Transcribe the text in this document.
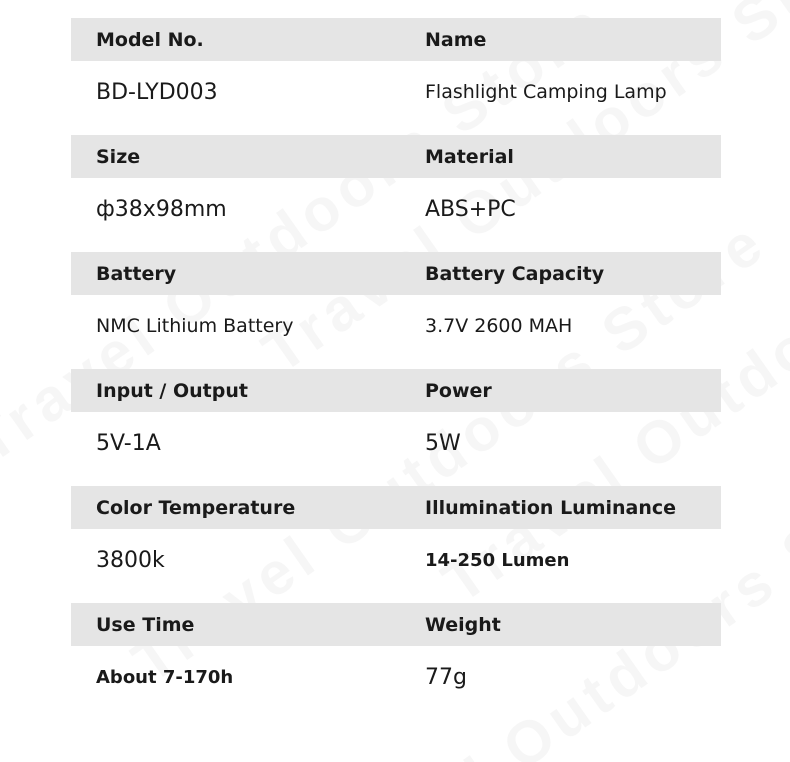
Model No.	Name
BD-LYD003	Flashlight Camping Lamp
Size	Material
ф38x98mm	ABS+PC
Battery	Battery Capacity
NMC Lithium Battery	3.7V 2600 MAH
Input / Output	Power
5V-1A	5W
Color Temperature	Illumination Luminance
3800k	14-250 Lumen
Use Time	Weight
About 7-170h	77g
